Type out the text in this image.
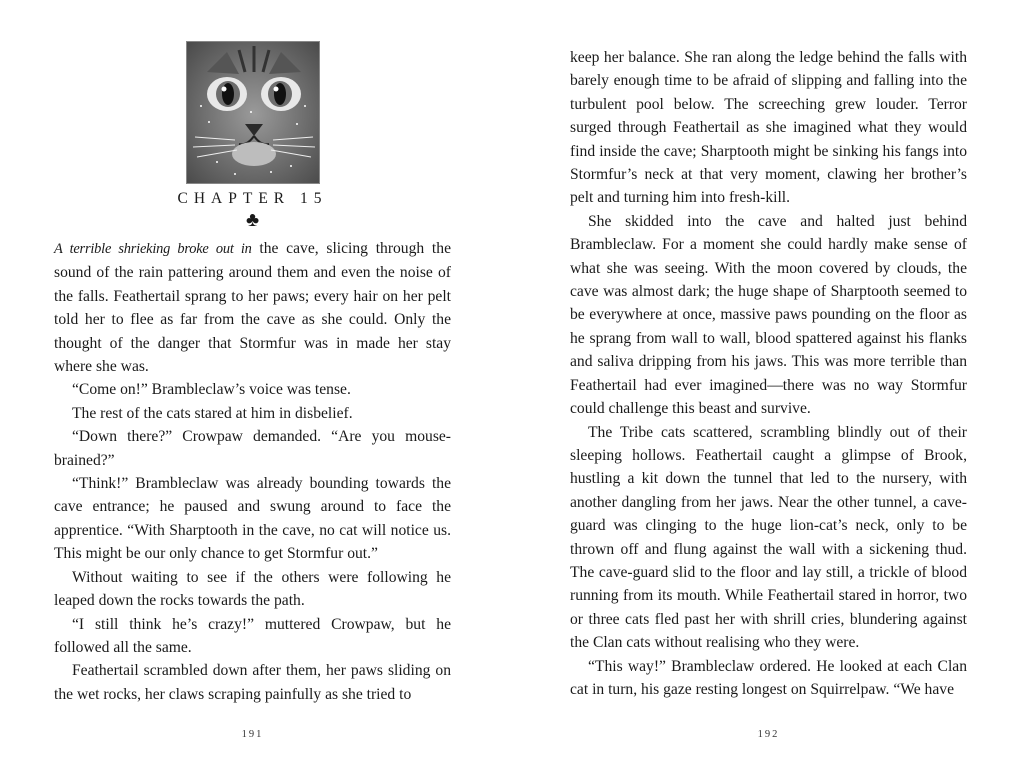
CHAPTER 15
♣

A terrible shrieking broke out in the cave, slicing through the sound of the rain pattering around them and even the noise of the falls. Feathertail sprang to her paws; every hair on her pelt told her to flee as far from the cave as she could. Only the thought of the danger that Stormfur was in made her stay where she was.

“Come on!” Brambleclaw’s voice was tense.

The rest of the cats stared at him in disbelief.

“Down there?” Crowpaw demanded. “Are you mouse-brained?”

“Think!” Brambleclaw was already bounding towards the cave entrance; he paused and swung around to face the apprentice. “With Sharptooth in the cave, no cat will notice us. This might be our only chance to get Stormfur out.”

Without waiting to see if the others were following he leaped down the rocks towards the path.

“I still think he’s crazy!” muttered Crowpaw, but he followed all the same.

Feathertail scrambled down after them, her paws sliding on the wet rocks, her claws scraping painfully as she tried to

191

keep her balance. She ran along the ledge behind the falls with barely enough time to be afraid of slipping and falling into the turbulent pool below. The screeching grew louder. Terror surged through Feathertail as she imagined what they would find inside the cave; Sharptooth might be sinking his fangs into Stormfur’s neck at that very moment, clawing her brother’s pelt and turning him into fresh-kill.

She skidded into the cave and halted just behind Brambleclaw. For a moment she could hardly make sense of what she was seeing. With the moon covered by clouds, the cave was almost dark; the huge shape of Sharptooth seemed to be everywhere at once, massive paws pounding on the floor as he sprang from wall to wall, blood spattered against his flanks and saliva dripping from his jaws. This was more terrible than Feathertail had ever imagined—there was no way Stormfur could challenge this beast and survive.

The Tribe cats scattered, scrambling blindly out of their sleeping hollows. Feathertail caught a glimpse of Brook, hustling a kit down the tunnel that led to the nursery, with another dangling from her jaws. Near the other tunnel, a cave-guard was clinging to the huge lion-cat’s neck, only to be thrown off and flung against the wall with a sickening thud. The cave-guard slid to the floor and lay still, a trickle of blood running from its mouth. While Feathertail stared in horror, two or three cats fled past her with shrill cries, blundering against the Clan cats without realising who they were.

“This way!” Brambleclaw ordered. He looked at each Clan cat in turn, his gaze resting longest on Squirrelpaw. “We have

192
